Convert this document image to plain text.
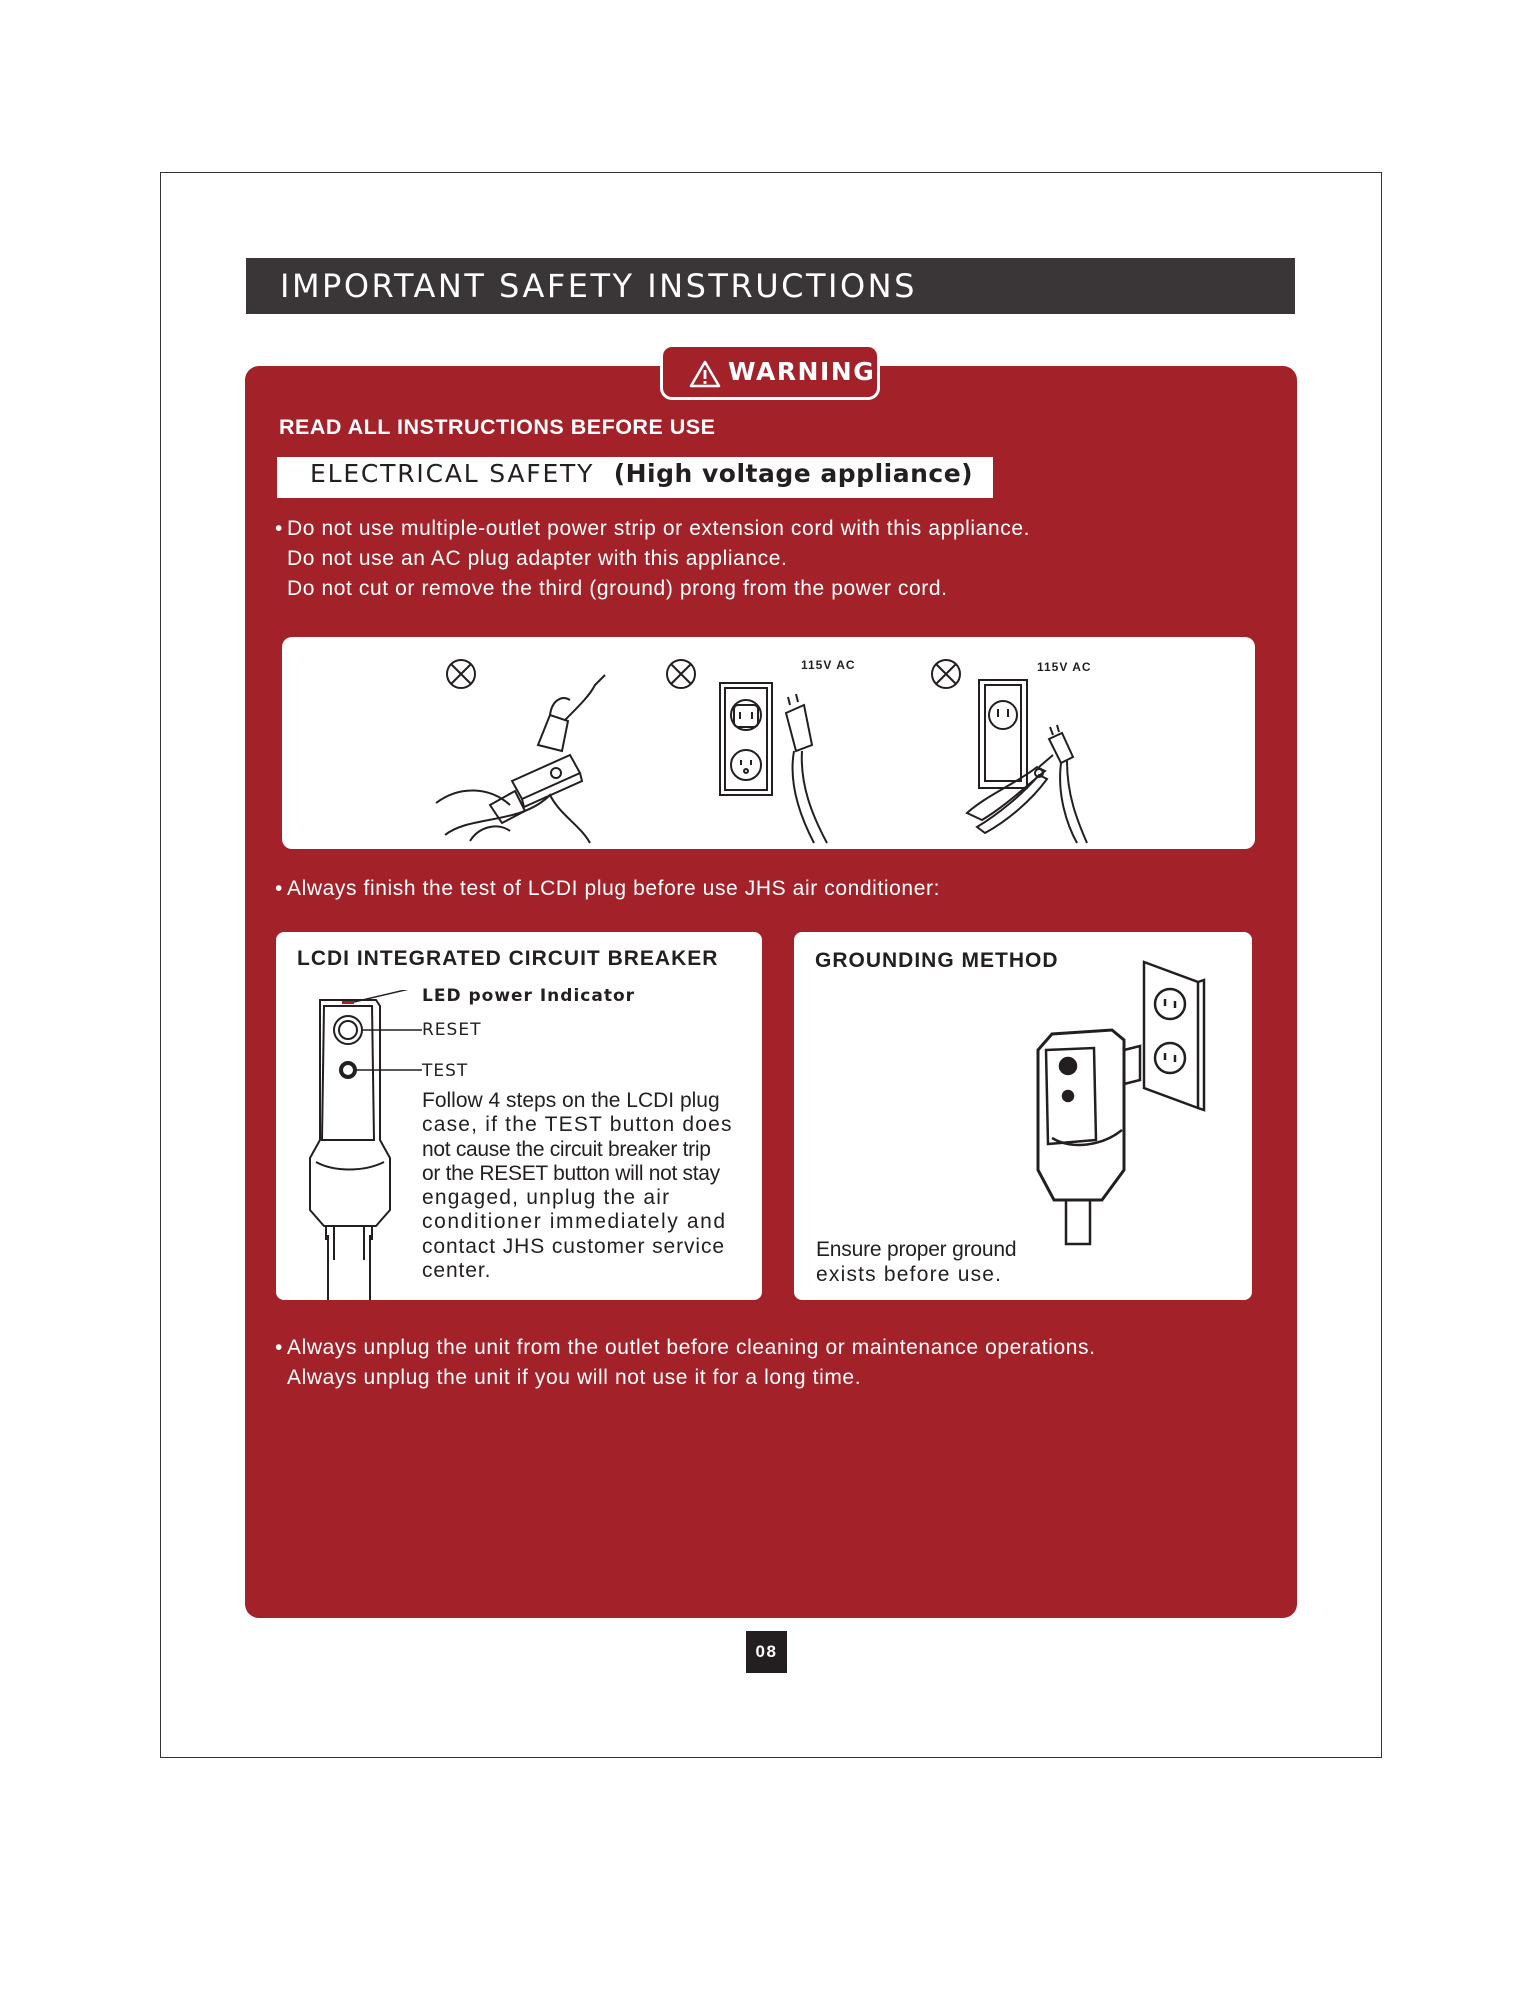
IMPORTANT SAFETY INSTRUCTIONS
WARNING
READ ALL INSTRUCTIONS BEFORE USE
ELECTRICAL SAFETY (High voltage appliance)

• Do not use multiple-outlet power strip or extension cord with this appliance.

Do not use an AC plug adapter with this appliance.

Do not cut or remove the third (ground) prong from the power cord.

115V AC	115V AC

• Always finish the test of LCDI plug before use JHS air conditioner:

LCDI INTEGRATED CIRCUIT BREAKER
LED power Indicator
RESET
TEST

Follow 4 steps on the LCDI plug

case, if the TEST button does

not cause the circuit breaker trip

or the RESET button will not stay

engaged, unplug the air

conditioner immediately and

contact JHS customer service

center.

GROUNDING METHOD

Ensure proper ground

exists before use.

• Always unplug the unit from the outlet before cleaning or maintenance operations.

Always unplug the unit if you will not use it for a long time.

08
